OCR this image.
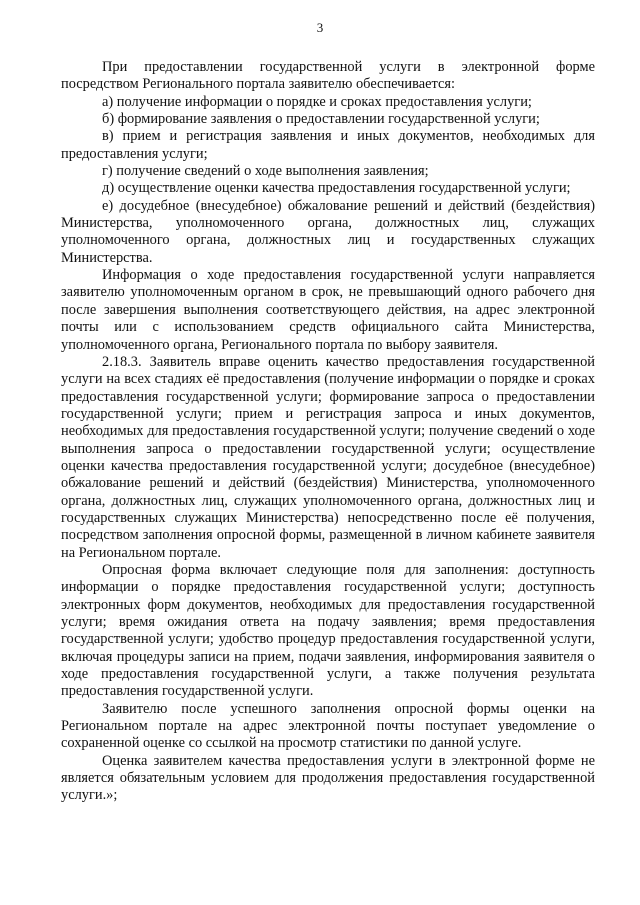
3

При предоставлении государственной услуги в электронной форме посредством Регионального портала заявителю обеспечивается:

а) получение информации о порядке и сроках предоставления услуги;

б) формирование заявления о предоставлении государственной услуги;

в) прием и регистрация заявления и иных документов, необходимых для предоставления услуги;

г) получение сведений о ходе выполнения заявления;

д) осуществление оценки качества предоставления государственной услуги;

е) досудебное (внесудебное) обжалование решений и действий (бездействия) Министерства, уполномоченного органа, должностных лиц, служащих уполномоченного органа, должностных лиц и государственных служащих Министерства.

Информация о ходе предоставления государственной услуги направляется заявителю уполномоченным органом в срок, не превышающий одного рабочего дня после завершения выполнения соответствующего действия, на адрес электронной почты или с использованием средств официального сайта Министерства, уполномоченного органа, Регионального портала по выбору заявителя.

2.18.3. Заявитель вправе оценить качество предоставления государственной услуги на всех стадиях её предоставления (получение информации о порядке и сроках предоставления государственной услуги; формирование запроса о предоставлении государственной услуги; прием и регистрация запроса и иных документов, необходимых для предоставления государственной услуги; получение сведений о ходе выполнения запроса о предоставлении государственной услуги; осуществление оценки качества предоставления государственной услуги; досудебное (внесудебное) обжалование решений и действий (бездействия) Министерства, уполномоченного органа, должностных лиц, служащих уполномоченного органа, должностных лиц и государственных служащих Министерства) непосредственно после её получения, посредством заполнения опросной формы, размещенной в личном кабинете заявителя на Региональном портале.

Опросная форма включает следующие поля для заполнения: доступность информации о порядке предоставления государственной услуги; доступность электронных форм документов, необходимых для предоставления государственной услуги; время ожидания ответа на подачу заявления; время предоставления государственной услуги; удобство процедур предоставления государственной услуги, включая процедуры записи на прием, подачи заявления, информирования заявителя о ходе предоставления государственной услуги, а также получения результата предоставления государственной услуги.

Заявителю после успешного заполнения опросной формы оценки на Региональном портале на адрес электронной почты поступает уведомление о сохраненной оценке со ссылкой на просмотр статистики по данной услуге.

Оценка заявителем качества предоставления услуги в электронной форме не является обязательным условием для продолжения предоставления государственной услуги.»;
